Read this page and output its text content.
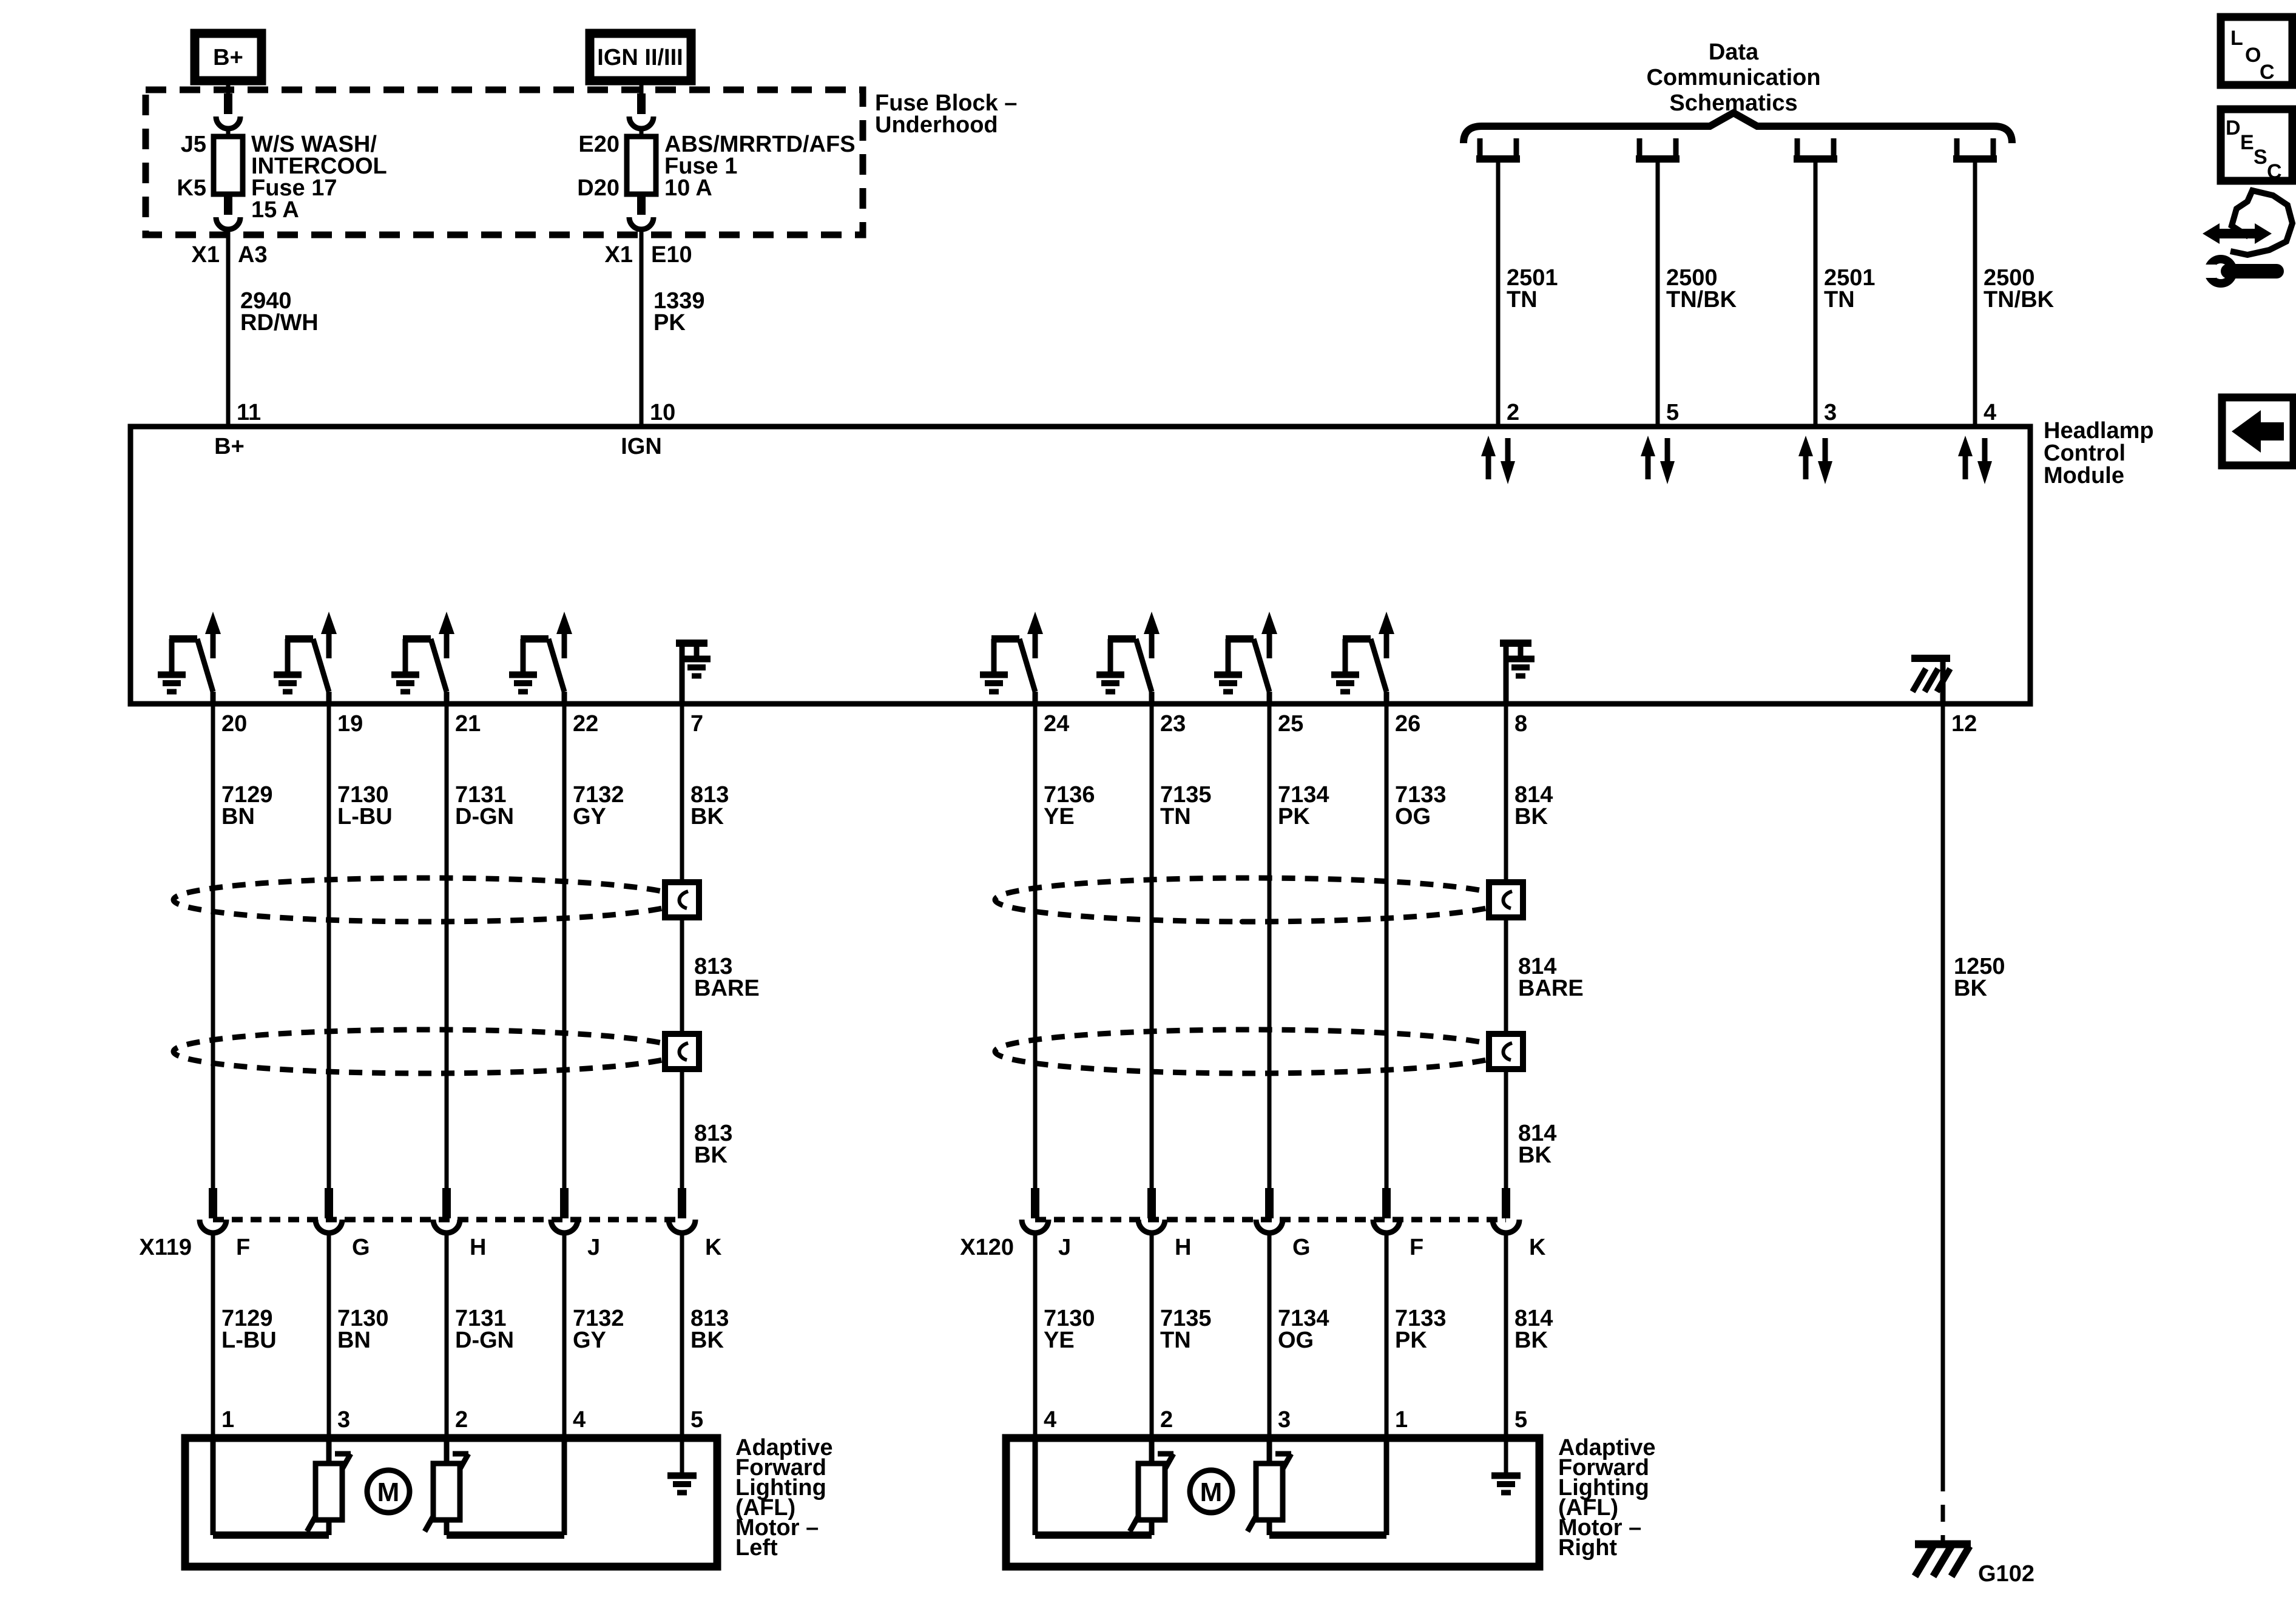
Headlamp
Control
Module
B+
J5
K5
W/S WASH/
INTERCOOL
Fuse 17
15 A
X1 A3
2940
RD/WH
11
B+
IGN II/III
E20
D20
ABS/MRRTD/AFS
Fuse 1
10 A
X1 E10
1339
PK
10
IGN
Fuse Block –
Underhood
Data
Communication
Schematics
2501
TN
2
2500
TN/BK
5
2501
TN
3
2500
TN/BK
4
20	19	21	22	7
7129
BN
7130
L-BU
7131
D-GN
7132
GY
813
BK
813
BARE
813
BK
X119 F	G	H	J	K
7129
L-BU
7130
BN
7131
D-GN
7132
GY
813
BK
1	3	2	4	5
M
Adaptive
Forward
Lighting
(AFL)
Motor –
Left
24	23	25	26	8
7136
YE
7135
TN
7134
PK
7133
OG
814
BK
814
BARE
814
BK
X120 J	H	G	F	K
7130
YE
7135
TN
7134
OG
7133
PK
814
BK
4	2	3	1	5
M
Adaptive
Forward
Lighting
(AFL)
Motor –
Right
12
1250
BK
G102
L
O
C
D
E
S
C
